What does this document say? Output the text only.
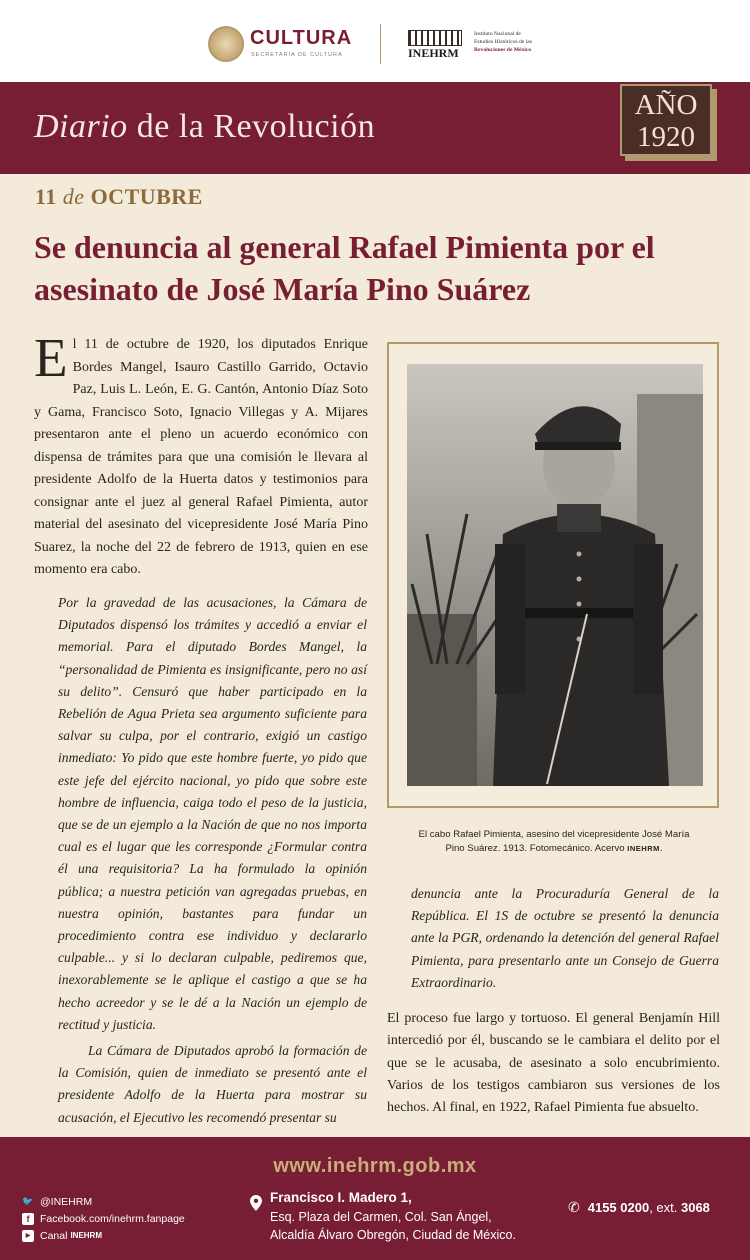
CULTURA
SECRETARÍA DE CULTURA	INEHRM
Instituto Nacional de
Estudios Históricos de las
Revoluciones de México
Diario de la Revolución
AÑO
1920
11 de OCTUBRE
Se denuncia al general Rafael Pimienta por el asesinato de José María Pino Suárez

El 11 de octubre de 1920, los diputados Enrique Bordes Mangel, Isauro Castillo Garrido, Octavio Paz, Luis L. León, E. G. Cantón, Antonio Díaz Soto y Gama, Francisco Soto, Ignacio Villegas y A. Mijares presentaron ante el pleno un acuerdo económico con dispensa de trámites para que una comisión le llevara al presidente Adolfo de la Huerta datos y testimonios para consignar ante el juez al general Rafael Pimienta, autor material del asesinato del vicepresidente José María Pino Suarez, la noche del 22 de febrero de 1913, quien en ese momento era cabo.

Por la gravedad de las acusaciones, la Cámara de Diputados dispensó los trámites y accedió a enviar el memorial. Para el diputado Bordes Mangel, la “personalidad de Pimienta es insignificante, pero no así su delito”. Censuró que haber participado en la Rebelión de Agua Prieta sea argumento suficiente para salvar su culpa, por el contrario, exigió un castigo inmediato: Yo pido que este hombre fuerte, yo pido que este jefe del ejército nacional, yo pido que sobre este hombre de influencia, caiga todo el peso de la justicia, que se de un ejemplo a la Nación de que no nos importa cual es el lugar que les corresponde ¿Formular contra él una requisitoria? La ha formulado la opinión pública; a nuestra petición van agregadas pruebas, en nuestra opinión, bastantes para fundar un procedimiento contra ese individuo y declararlo culpable... y si lo declaran culpable, pediremos que, inexorablemente se le aplique el castigo a que se ha hecho acreedor y se le dé a la Nación un ejemplo de rectitud y justicia.

La Cámara de Diputados aprobó la formación de la Comisión, quien de inmediato se presentó ante el presidente Adolfo de la Huerta para mostrar su acusación, el Ejecutivo les recomendó presentar su

El cabo Rafael Pimienta, asesino del vicepresidente José María
Pino Suárez. 1913. Fotomecánico. Acervo INEHRM.

denuncia ante la Procuraduría General de la República. El 1S de octubre se presentó la denuncia ante la PGR, ordenando la detención del general Rafael Pimienta, para presentarlo ante un Consejo de Guerra Extraordinario.

El proceso fue largo y tortuoso. El general Benjamín Hill intercedió por él, buscando se le cambiara el delito por el que se le acusaba, de asesinato a solo encubrimiento. Varios de los testigos cambiaron sus versiones de los hechos. Al final, en 1922, Rafael Pimienta fue absuelto.

www.inehrm.gob.mx
🐦 @INEHRM
f	Facebook.com/inehrm.fanpage
▶ Canal INEHRM
Francisco I. Madero 1,
Esq. Plaza del Carmen, Col. San Ángel,
Alcaldía Álvaro Obregón, Ciudad de México.
✆ 4155 0200, ext. 3068
